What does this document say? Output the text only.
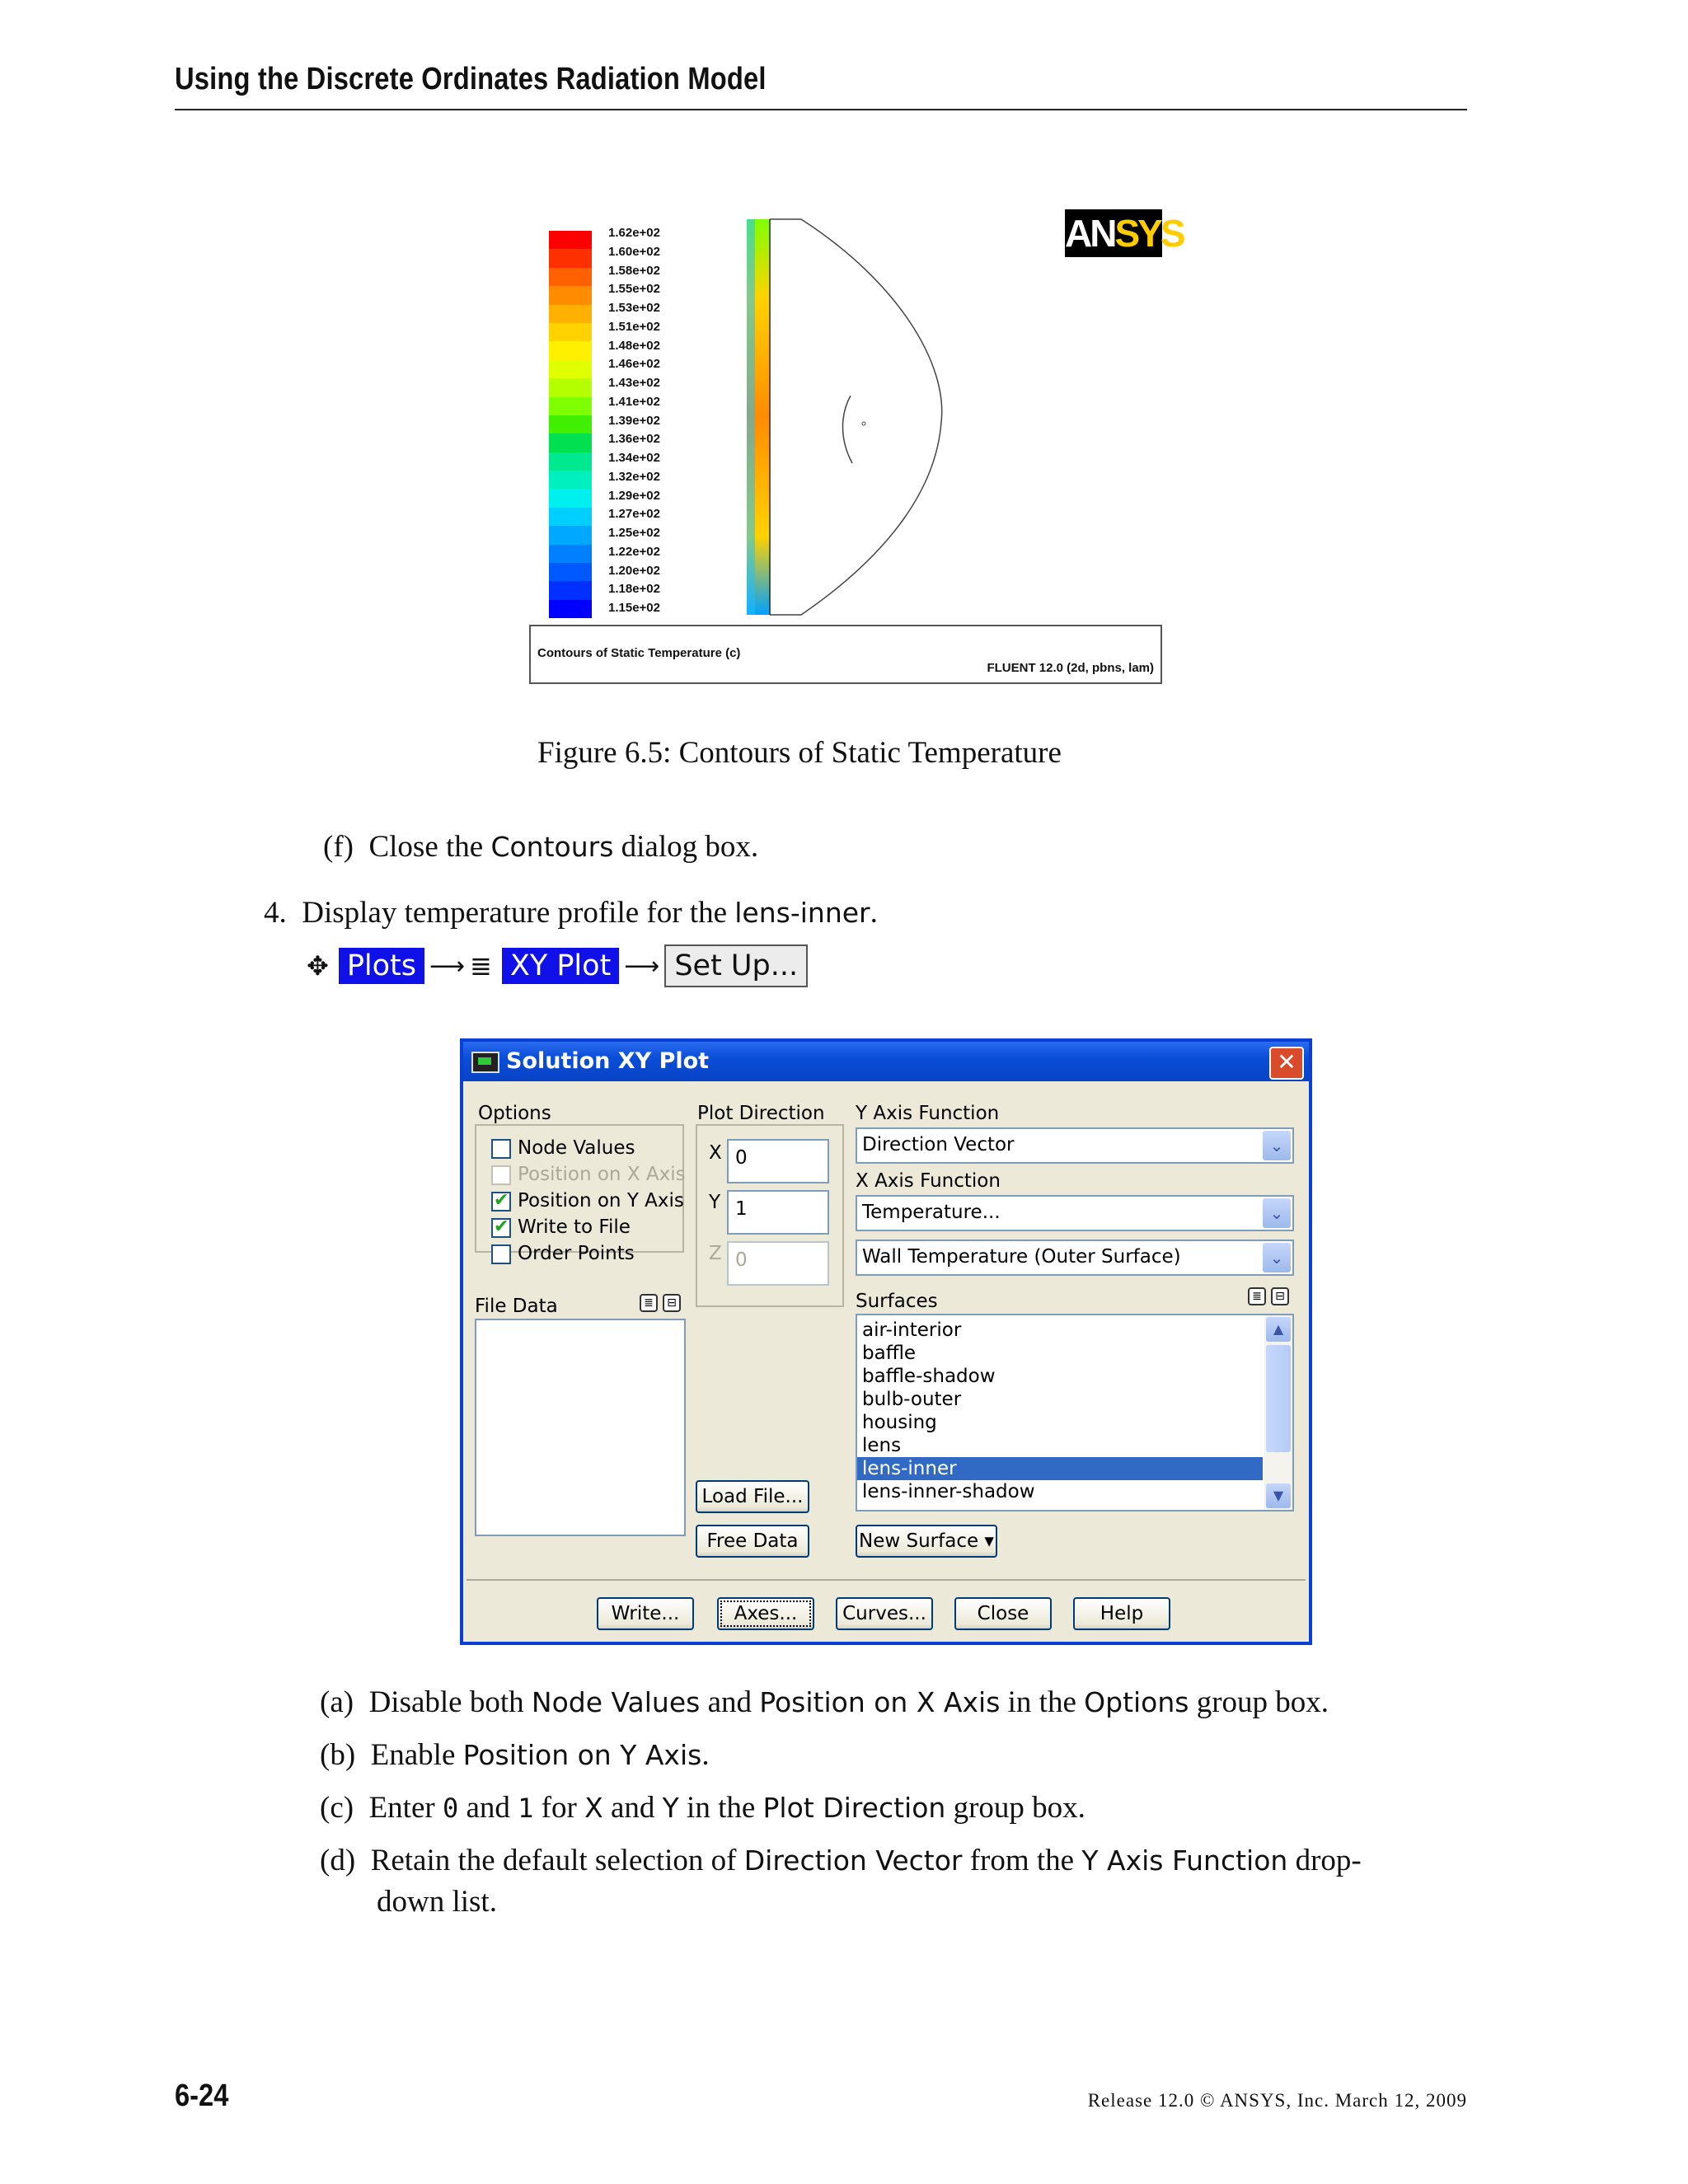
Using the Discrete Ordinates Radiation Model
1.62e+02
1.60e+02
1.58e+02
1.55e+02
1.53e+02
1.51e+02
1.48e+02
1.46e+02
1.43e+02
1.41e+02
1.39e+02
1.36e+02
1.34e+02
1.32e+02
1.29e+02
1.27e+02
1.25e+02
1.22e+02
1.20e+02
1.18e+02
1.15e+02
ANSYS
Contours of Static Temperature (c)
FLUENT 12.0 (2d, pbns, lam)
Figure 6.5: Contours of Static Temperature
(f) Close the Contours dialog box.
4. Display temperature profile for the lens-inner.
✥ Plots ⟶ ≣ XY Plot ⟶ Set Up...
Solution XY Plot	✕
Options
Node Values
Position on X Axis
✔
Position on Y Axis
✔
Write to File
Order Points
Plot Direction
X 0
Y 1
Z 0
Y Axis Function
Direction Vector	⌄
X Axis Function
Temperature...	⌄
Wall Temperature (Outer Surface)	⌄
File Data	≣	⊟	Surfaces	≣	⊟
air-interior
baffle
baffle-shadow
bulb-outer
housing
lens
lens-inner
lens-inner-shadow
▲
▼
Load File...
Free Data	New Surface ▾
Write...	Axes...	Curves...	Close	Help
(a) Disable both Node Values and Position on X Axis in the Options group box.
(b) Enable Position on Y Axis.
(c) Enter 0 and 1 for X and Y in the Plot Direction group box.
(d) Retain the default selection of Direction Vector from the Y Axis Function drop-
down list.
6-24	Release 12.0 © ANSYS, Inc. March 12, 2009
